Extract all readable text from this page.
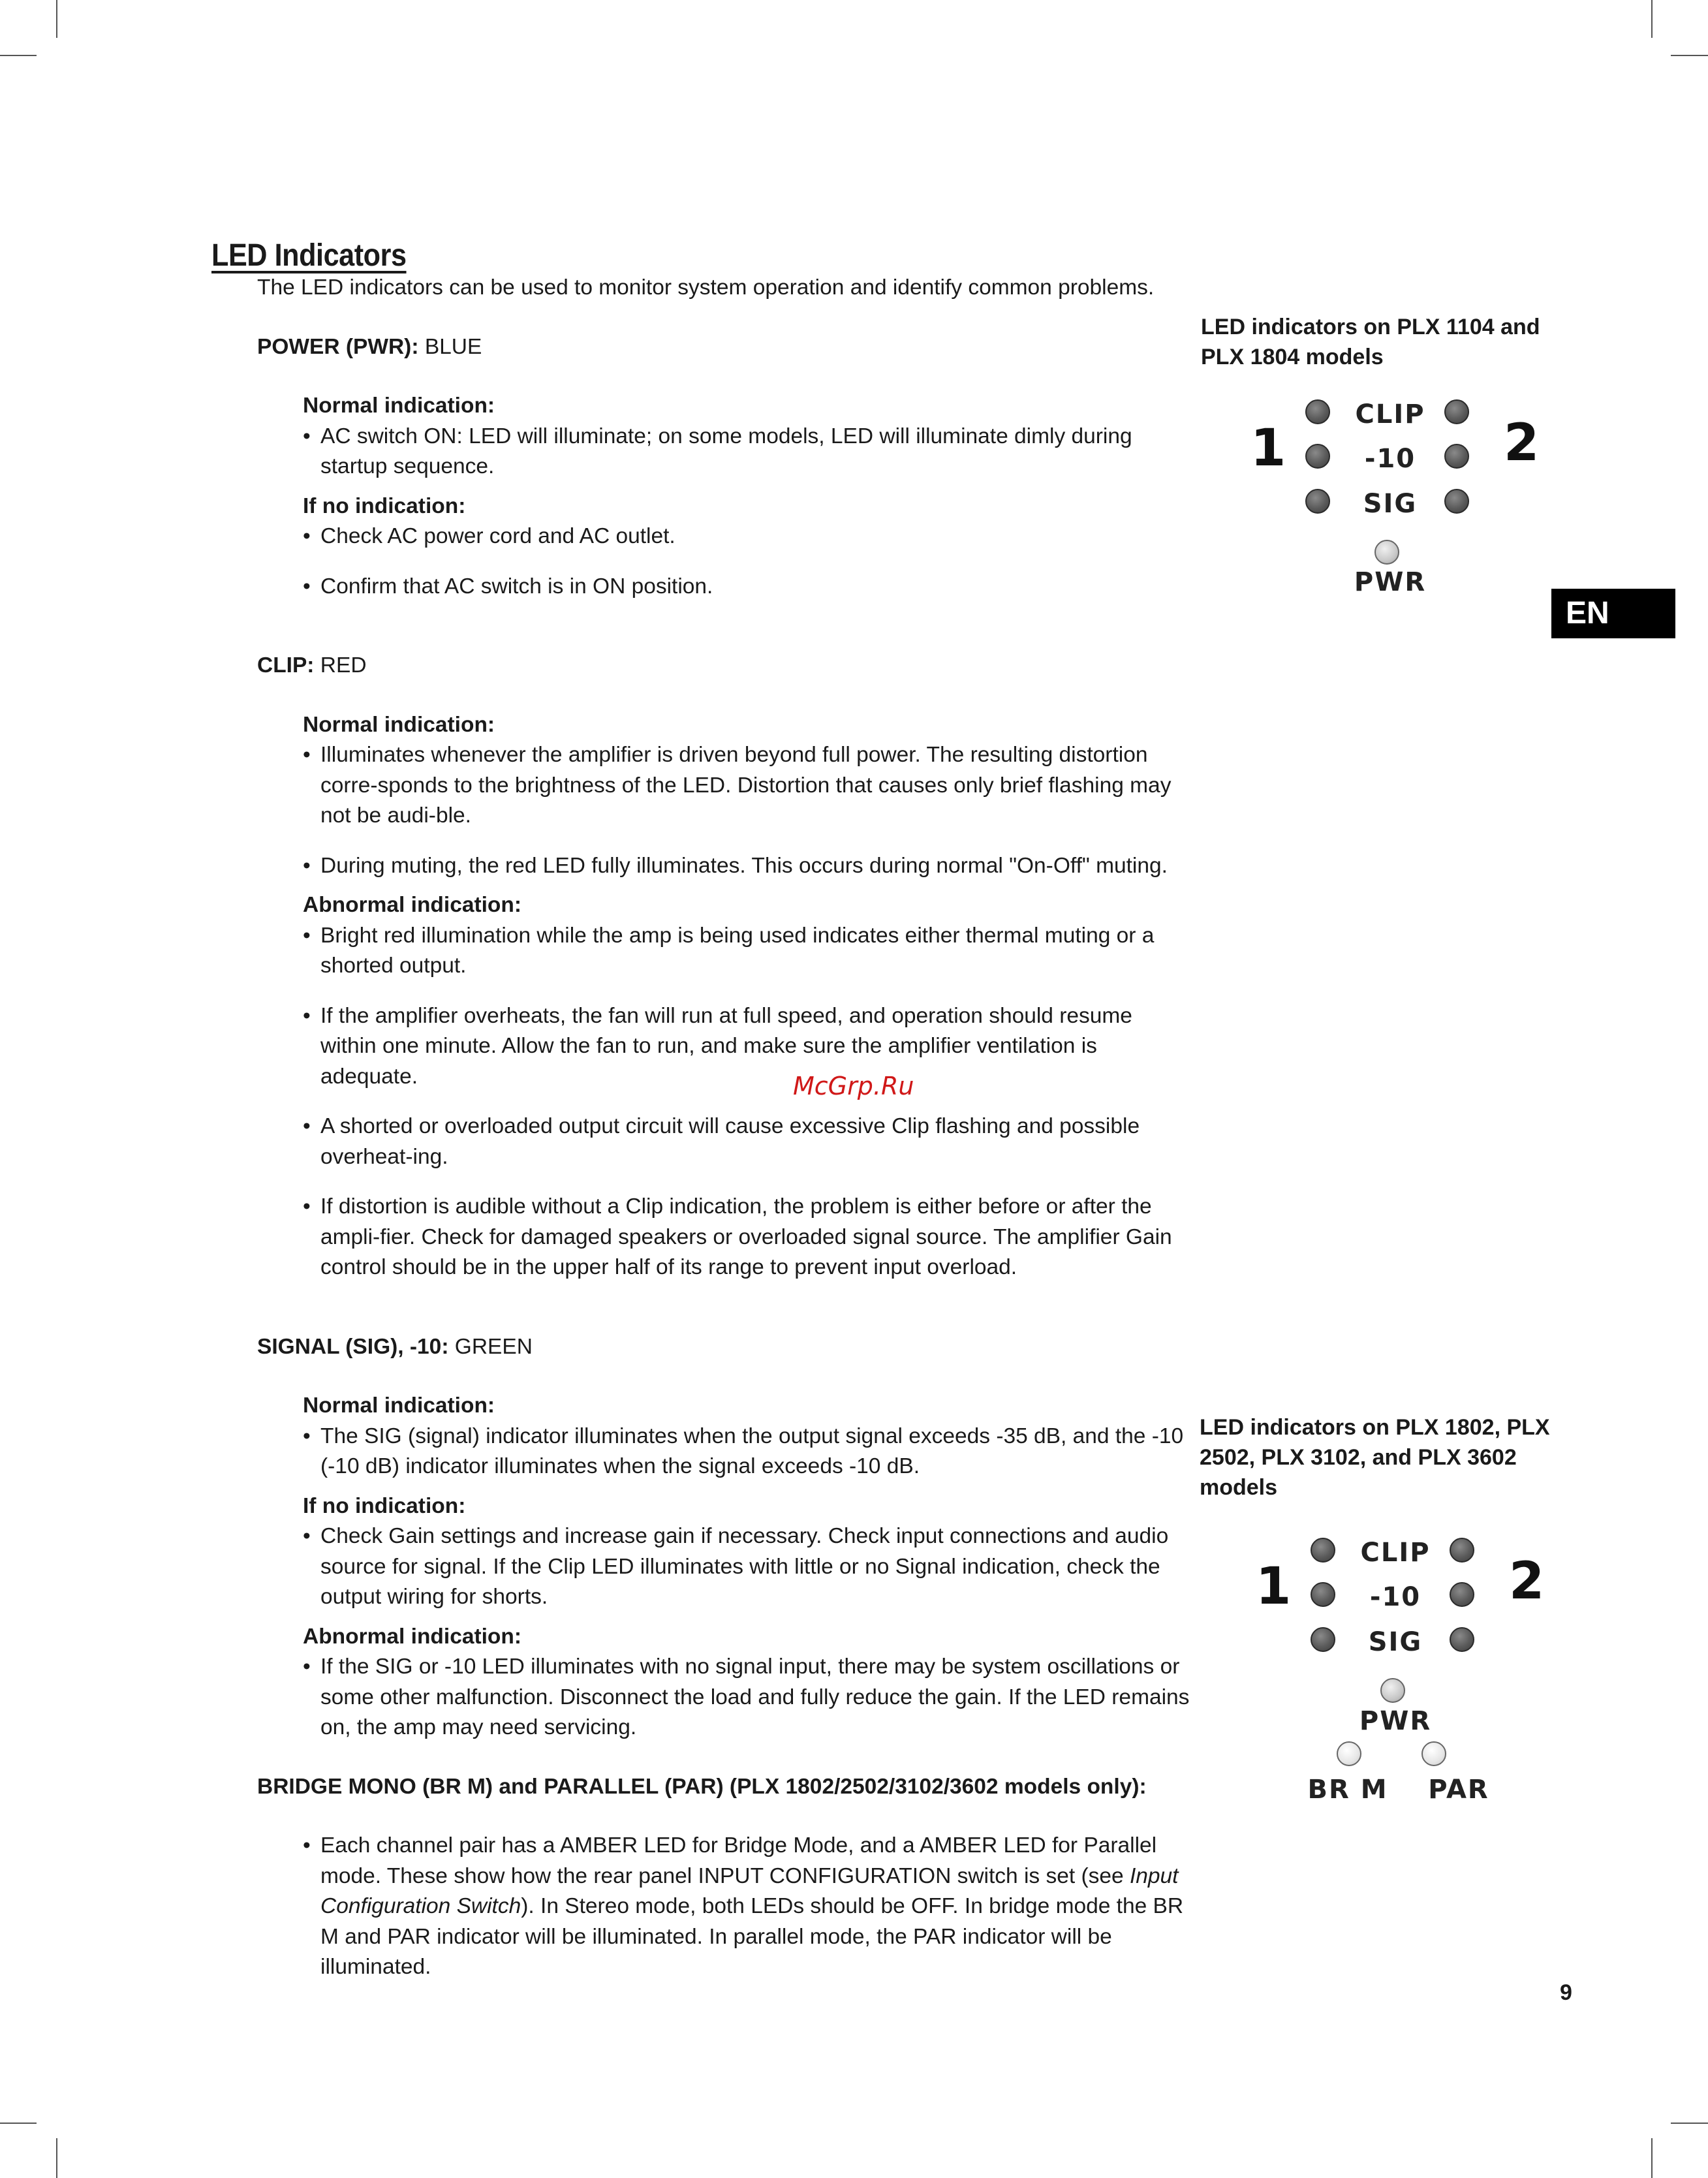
LED Indicators

The LED indicators can be used to monitor system operation and identify common problems.

POWER (PWR): BLUE

Normal indication:

• AC switch ON: LED will illuminate; on some models, LED will illuminate dimly during startup sequence.

If no indication:

• Check AC power cord and AC outlet.

• Confirm that AC switch is in ON position.

CLIP: RED

Normal indication:

• Illuminates whenever the amplifier is driven beyond full power. The resulting distortion corre-sponds to the brightness of the LED. Distortion that causes only brief flashing may not be audi-ble.

• During muting, the red LED fully illuminates. This occurs during normal "On-Off" muting.

Abnormal indication:

• Bright red illumination while the amp is being used indicates either thermal muting or a shorted output.

• If the amplifier overheats, the fan will run at full speed, and operation should resume within one minute. Allow the fan to run, and make sure the amplifier ventilation is adequate.

• A shorted or overloaded output circuit will cause excessive Clip flashing and possible overheat-ing.

• If distortion is audible without a Clip indication, the problem is either before or after the ampli-fier. Check for damaged speakers or overloaded signal source. The amplifier Gain control should be in the upper half of its range to prevent input overload.

SIGNAL (SIG), -10: GREEN

Normal indication:

• The SIG (signal) indicator illuminates when the output signal exceeds -35 dB, and the -10 (-10 dB) indicator illuminates when the signal exceeds -10 dB.

If no indication:

• Check Gain settings and increase gain if necessary. Check input connections and audio source for signal. If the Clip LED illuminates with little or no Signal indication, check the output wiring for shorts.

Abnormal indication:

• If the SIG or -10 LED illuminates with no signal input, there may be system oscillations or some other malfunction. Disconnect the load and fully reduce the gain. If the LED remains on, the amp may need servicing.

BRIDGE MONO (BR M) and PARALLEL (PAR) (PLX 1802/2502/3102/3602 models only):

• Each channel pair has a AMBER LED for Bridge Mode, and a AMBER LED for Parallel mode. These show how the rear panel INPUT CONFIGURATION switch is set (see Input Configuration Switch). In Stereo mode, both LEDs should be OFF. In bridge mode the BR M and PAR indicator will be illuminated. In parallel mode, the PAR indicator will be illuminated.

LED indicators on PLX 1104 and PLX 1804 models
1	2
CLIP
-10
SIG
PWR
LED indicators on PLX 1802, PLX 2502, PLX 3102, and PLX 3602 models
1	2
CLIP
-10
SIG
PWR
BR M	PAR
EN
McGrp.Ru
9
